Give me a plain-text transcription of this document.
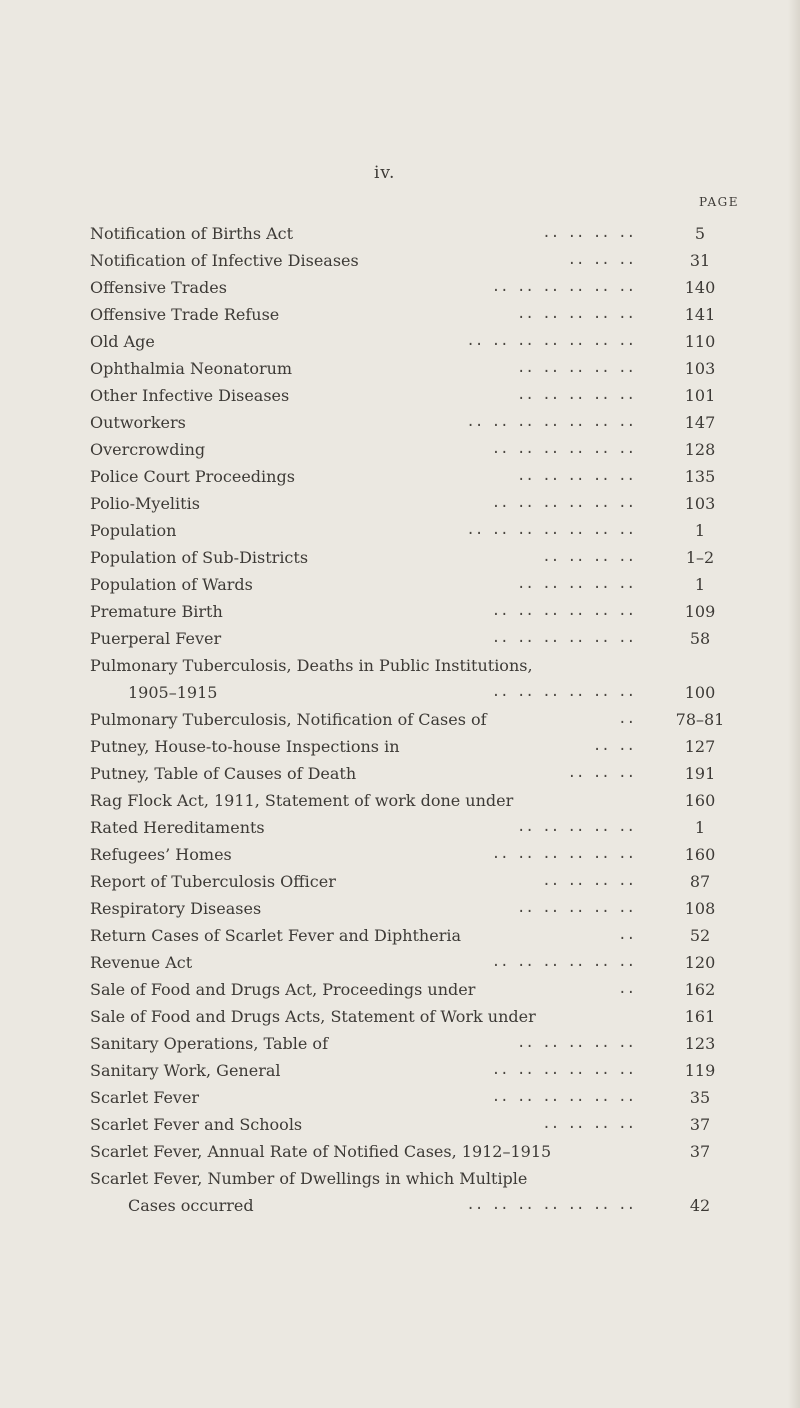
iv.
PAGE
Notification of Births Act	.. .. .. ..	5
Notification of Infective Diseases	.. .. ..	31
Offensive Trades	.. .. .. .. .. ..	140
Offensive Trade Refuse	.. .. .. .. ..	141
Old Age	.. .. .. .. .. .. ..	110
Ophthalmia Neonatorum	.. .. .. .. ..	103
Other Infective Diseases	.. .. .. .. ..	101
Outworkers	.. .. .. .. .. .. ..	147
Overcrowding	.. .. .. .. .. ..	128
Police Court Proceedings	.. .. .. .. ..	135
Polio-Myelitis	.. .. .. .. .. ..	103
Population	.. .. .. .. .. .. ..	1
Population of Sub-Districts	.. .. .. ..	1–2
Population of Wards	.. .. .. .. ..	1
Premature Birth	.. .. .. .. .. ..	109
Puerperal Fever	.. .. .. .. .. ..	58
Pulmonary Tuberculosis, Deaths in Public Institutions,
1905–1915	.. .. .. .. .. ..	100
Pulmonary Tuberculosis, Notification of Cases of	..	78–81
Putney, House-to-house Inspections in	.. ..	127
Putney, Table of Causes of Death	.. .. ..	191
Rag Flock Act, 1911, Statement of work done under	160
Rated Hereditaments	.. .. .. .. ..	1
Refugees’ Homes	.. .. .. .. .. ..	160
Report of Tuberculosis Officer	.. .. .. ..	87
Respiratory Diseases	.. .. .. .. ..	108
Return Cases of Scarlet Fever and Diphtheria	..	52
Revenue Act	.. .. .. .. .. ..	120
Sale of Food and Drugs Act, Proceedings under	..	162
Sale of Food and Drugs Acts, Statement of Work under	161
Sanitary Operations, Table of	.. .. .. .. ..	123
Sanitary Work, General	.. .. .. .. .. ..	119
Scarlet Fever	.. .. .. .. .. ..	35
Scarlet Fever and Schools	.. .. .. ..	37
Scarlet Fever, Annual Rate of Notified Cases, 1912–1915	37
Scarlet Fever, Number of Dwellings in which Multiple
Cases occurred	.. .. .. .. .. .. ..	42
